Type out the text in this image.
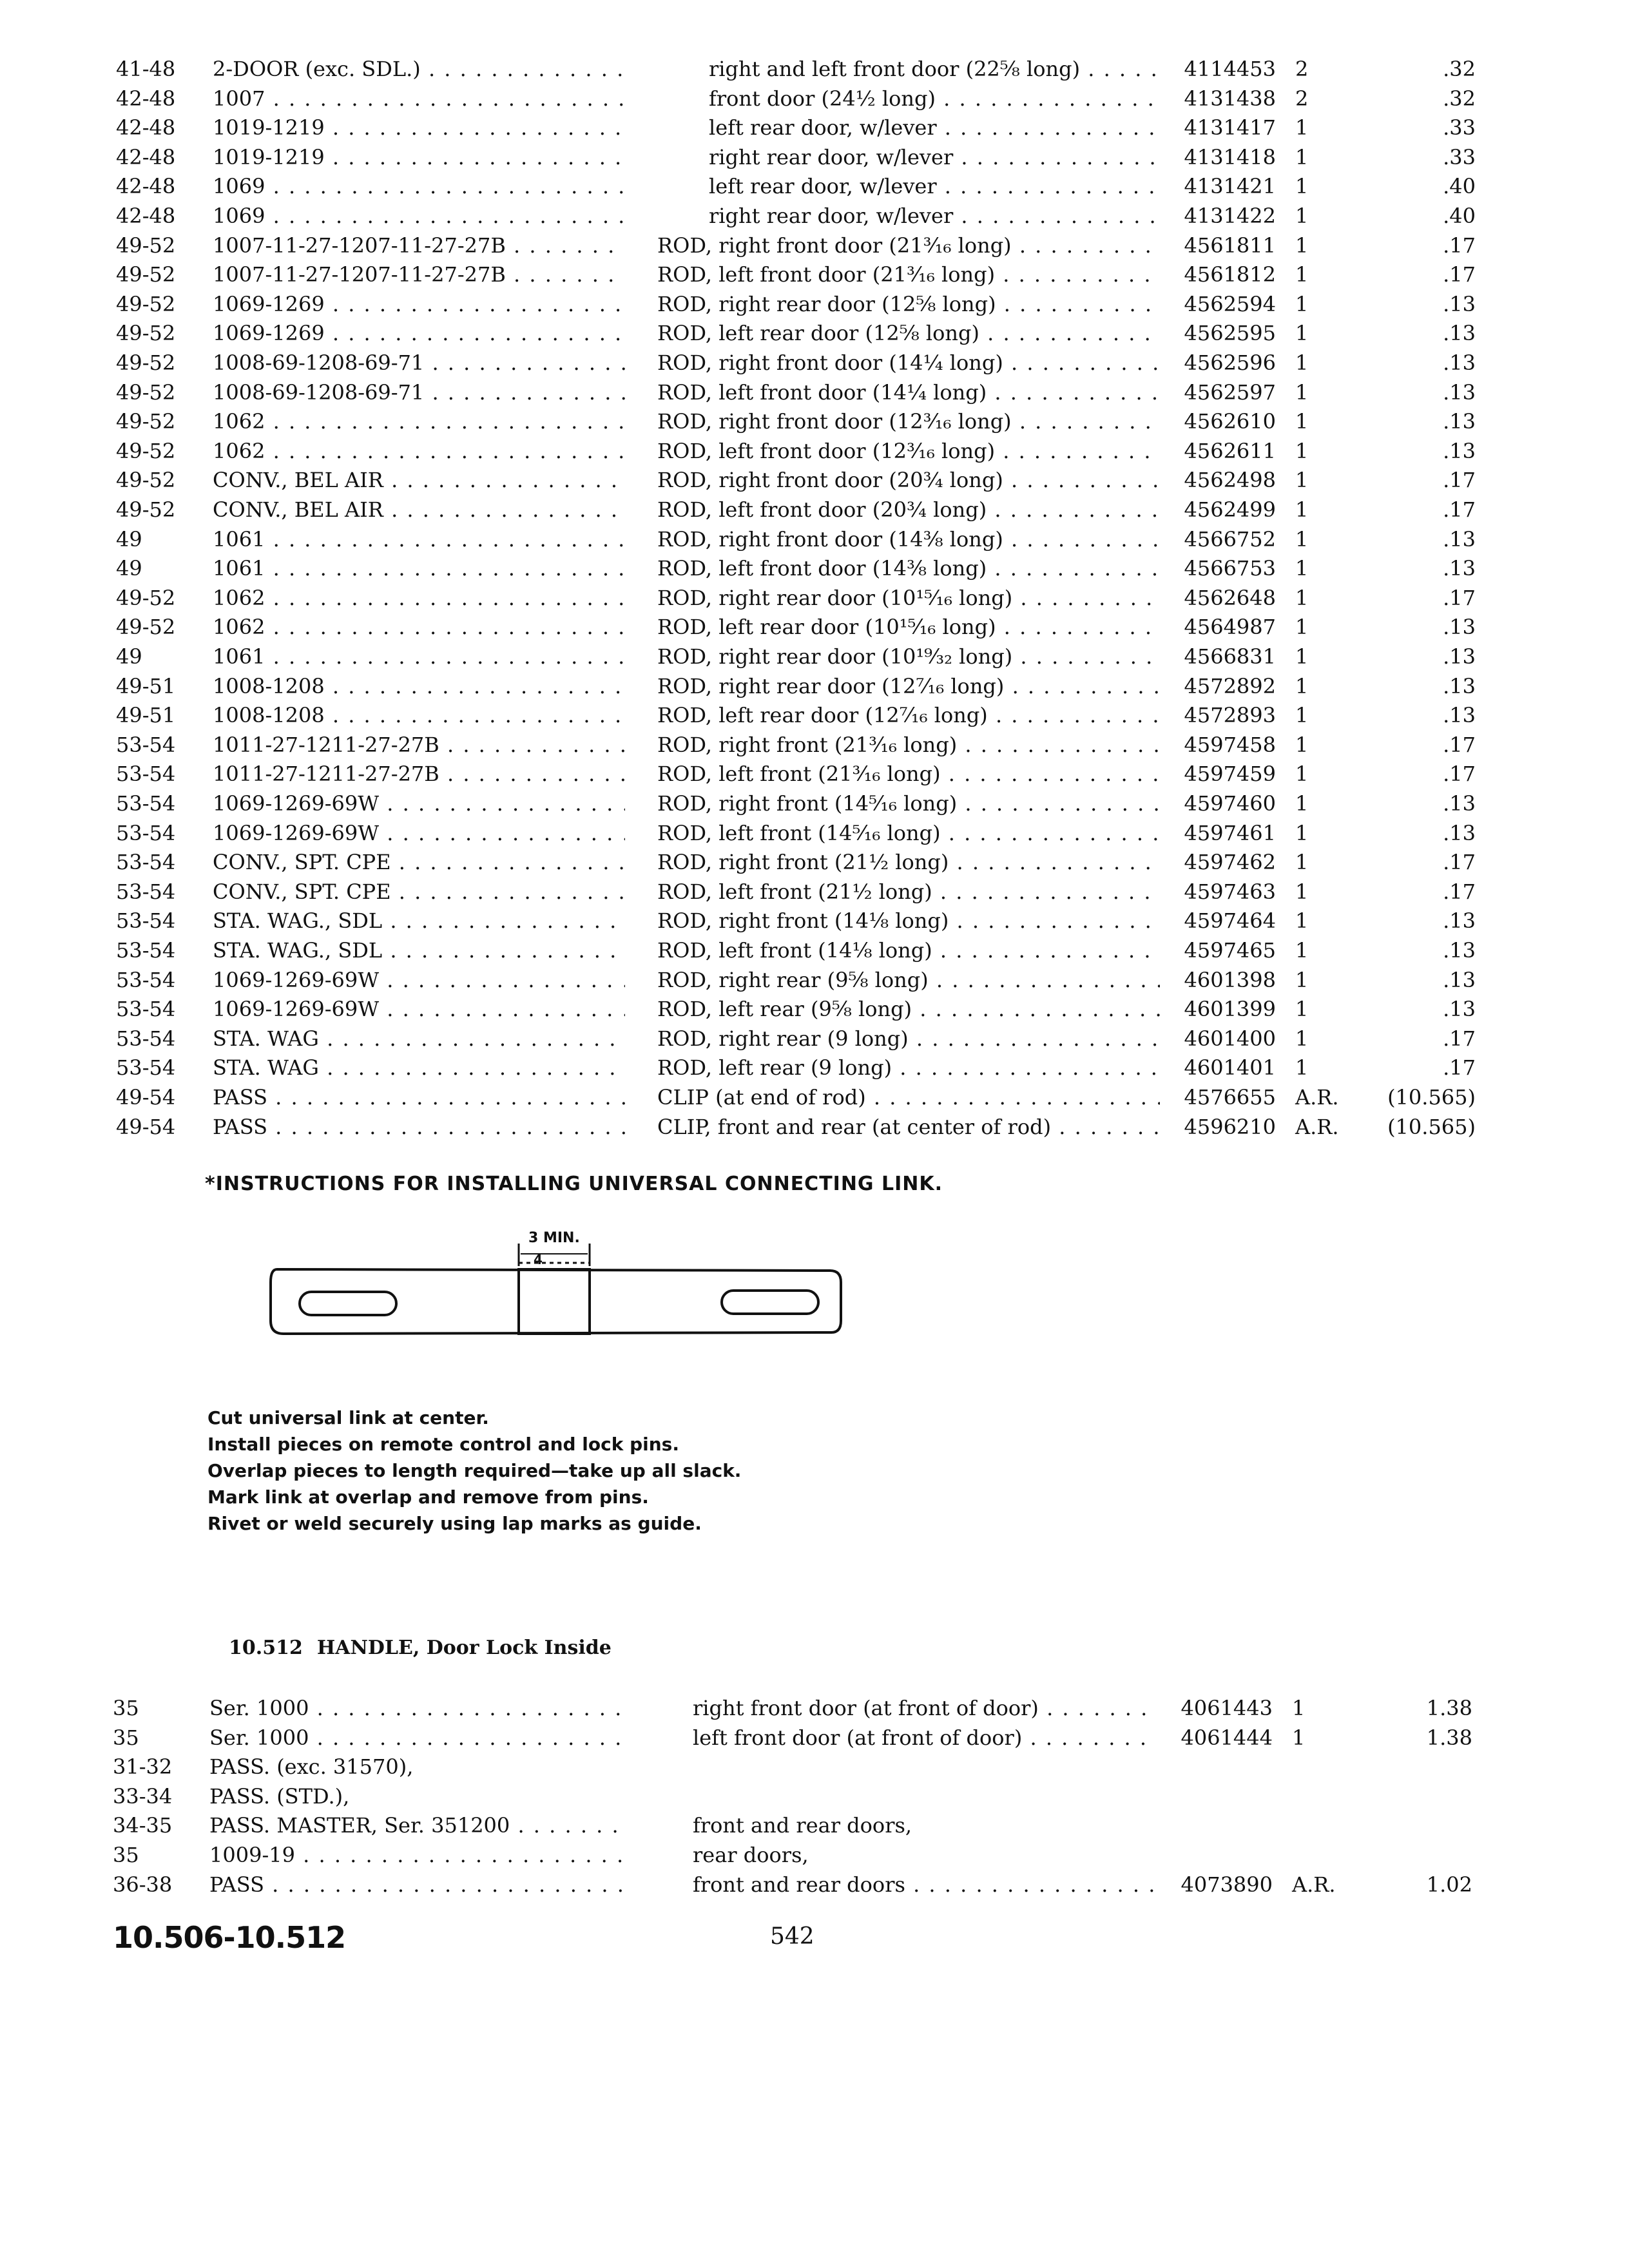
41-48	2-DOOR (exc. SDL.) . . .	right and left front door (22⅝ long) . . .	4114453 2	.32
42-48	1007 . . .	front door (24½ long) . . .	4131438 2	.32
42-48	1019-1219 . . .	left rear door, w/lever . . .	4131417 1	.33
42-48	1019-1219 . . .	right rear door, w/lever . . .	4131418 1	.33
42-48	1069 . . .	left rear door, w/lever . . .	4131421 1	.40
42-48	1069 . . .	right rear door, w/lever . . .	4131422 1	.40
49-52	1007-11-27-1207-11-27-27B . . .	ROD, right front door (21³⁄₁₆ long) . . .	4561811 1	.17
49-52	1007-11-27-1207-11-27-27B . . .	ROD, left front door (21³⁄₁₆ long) . . .	4561812 1	.17
49-52	1069-1269 . . .	ROD, right rear door (12⅝ long) . . .	4562594 1	.13
49-52	1069-1269 . . .	ROD, left rear door (12⅝ long) . . .	4562595 1	.13
49-52	1008-69-1208-69-71 . . .	ROD, right front door (14¼ long) . . .	4562596 1	.13
49-52	1008-69-1208-69-71 . . .	ROD, left front door (14¼ long) . . .	4562597 1	.13
49-52	1062 . . .	ROD, right front door (12³⁄₁₆ long) . . .	4562610 1	.13
49-52	1062 . . .	ROD, left front door (12³⁄₁₆ long) . . .	4562611 1	.13
49-52	CONV., BEL AIR . . .	ROD, right front door (20¾ long) . . .	4562498 1	.17
49-52	CONV., BEL AIR . . .	ROD, left front door (20¾ long) . . .	4562499 1	.17
49	1061 . . .	ROD, right front door (14⅜ long) . . .	4566752 1	.13
49	1061 . . .	ROD, left front door (14⅜ long) . . .	4566753 1	.13
49-52	1062 . . .	ROD, right rear door (10¹⁵⁄₁₆ long) . . .	4562648 1	.17
49-52	1062 . . .	ROD, left rear door (10¹⁵⁄₁₆ long) . . .	4564987 1	.13
49	1061 . . .	ROD, right rear door (10¹⁹⁄₃₂ long) . . .	4566831 1	.13
49-51	1008-1208 . . .	ROD, right rear door (12⁷⁄₁₆ long) . . .	4572892 1	.13
49-51	1008-1208 . . .	ROD, left rear door (12⁷⁄₁₆ long) . . .	4572893 1	.13
53-54	1011-27-1211-27-27B . . .	ROD, right front (21³⁄₁₆ long) . . .	4597458 1	.17
53-54	1011-27-1211-27-27B . . .	ROD, left front (21³⁄₁₆ long) . . .	4597459 1	.17
53-54	1069-1269-69W . . .	ROD, right front (14⁵⁄₁₆ long) . . .	4597460 1	.13
53-54	1069-1269-69W . . .	ROD, left front (14⁵⁄₁₆ long) . . .	4597461 1	.13
53-54	CONV., SPT. CPE . . .	ROD, right front (21½ long) . . .	4597462 1	.17
53-54	CONV., SPT. CPE . . .	ROD, left front (21½ long) . . .	4597463 1	.17
53-54	STA. WAG., SDL . . .	ROD, right front (14⅛ long) . . .	4597464 1	.13
53-54	STA. WAG., SDL . . .	ROD, left front (14⅛ long) . . .	4597465 1	.13
53-54	1069-1269-69W . . .	ROD, right rear (9⅝ long) . . .	4601398 1	.13
53-54	1069-1269-69W . . .	ROD, left rear (9⅝ long) . . .	4601399 1	.13
53-54	STA. WAG . . .	ROD, right rear (9 long) . . .	4601400 1	.17
53-54	STA. WAG . . .	ROD, left rear (9 long) . . .	4601401 1	.17
49-54	PASS . . .	CLIP (at end of rod) . . .	4576655 A.R.	(10.565)
49-54	PASS . . .	CLIP, front and rear (at center of rod) . . .	4596210 A.R.	(10.565)
*INSTRUCTIONS FOR INSTALLING UNIVERSAL CONNECTING LINK.
3 MIN.
4
Cut universal link at center.
Install pieces on remote control and lock pins.
Overlap pieces to length required—take up all slack.
Mark link at overlap and remove from pins.
Rivet or weld securely using lap marks as guide.
10.512 HANDLE, Door Lock Inside
35	Ser. 1000 . . .	right front door (at front of door) . . .	4061443 1	1.38
35	Ser. 1000 . . .	left front door (at front of door) . . .	4061444 1	1.38
31-32	PASS. (exc. 31570),
33-34	PASS. (STD.),
34-35	PASS. MASTER, Ser. 351200 . . .	front and rear doors,
35	1009-19 . . .	rear doors,
36-38	PASS . . .	front and rear doors . . .	4073890 A.R.	1.02
10.506-10.512	542
